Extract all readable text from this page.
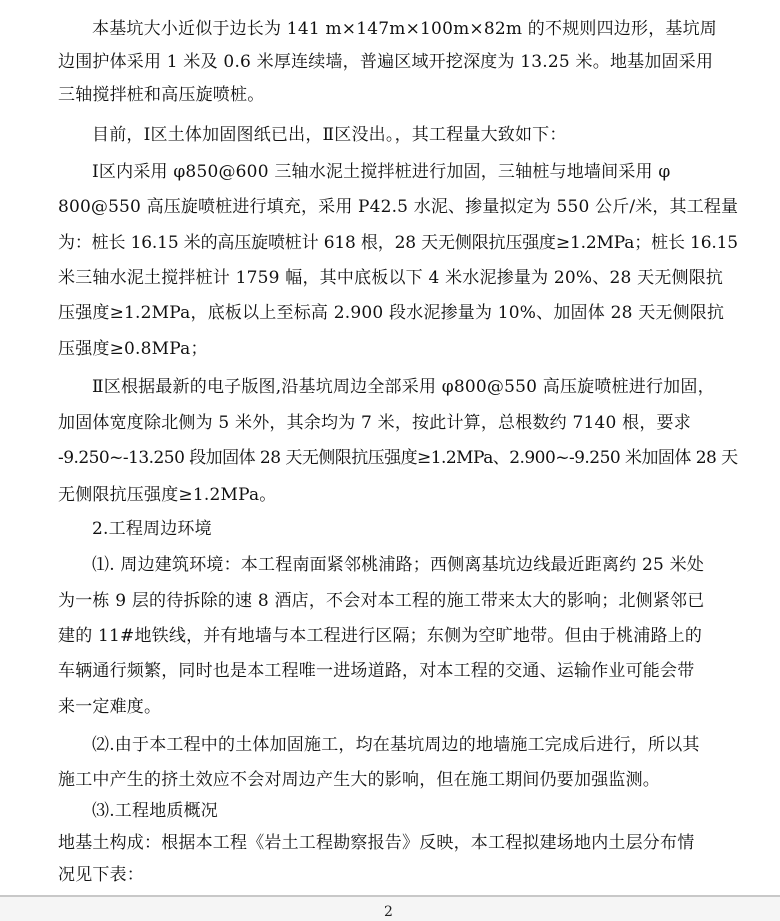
本基坑大小近似于边长为 141 m×147m×100m×82m 的不规则四边形，基坑周
边围护体采用 1 米及 0.6 米厚连续墙，普遍区域开挖深度为 13.25 米。地基加固采用
三轴搅拌桩和高压旋喷桩。
目前，Ⅰ区土体加固图纸已出，Ⅱ区没出。，其工程量大致如下：
Ⅰ区内采用 φ850@600 三轴水泥土搅拌桩进行加固，三轴桩与地墙间采用 φ
800@550 高压旋喷桩进行填充，采用 P42.5 水泥、掺量拟定为 550 公斤/米，其工程量
为：桩长 16.15 米的高压旋喷桩计 618 根，28 天无侧限抗压强度≥1.2MPa；桩长 16.15
米三轴水泥土搅拌桩计 1759 幅，其中底板以下 4 米水泥掺量为 20%、28 天无侧限抗
压强度≥1.2MPa，底板以上至标高 2.900 段水泥掺量为 10%、加固体 28 天无侧限抗
压强度≥0.8MPa；
Ⅱ区根据最新的电子版图,沿基坑周边全部采用 φ800@550 高压旋喷桩进行加固，
加固体宽度除北侧为 5 米外，其余均为 7 米，按此计算，总根数约 7140 根，要求
-9.250~-13.250 段加固体 28 天无侧限抗压强度≥1.2MPa、2.900~-9.250 米加固体 28 天
无侧限抗压强度≥1.2MPa。
2.工程周边环境
⑴. 周边建筑环境：本工程南面紧邻桃浦路；西侧离基坑边线最近距离约 25 米处
为一栋 9 层的待拆除的速 8 酒店，不会对本工程的施工带来太大的影响；北侧紧邻已
建的 11#地铁线，并有地墙与本工程进行区隔；东侧为空旷地带。但由于桃浦路上的
车辆通行频繁，同时也是本工程唯一进场道路，对本工程的交通、运输作业可能会带
来一定难度。
⑵.由于本工程中的土体加固施工，均在基坑周边的地墙施工完成后进行，所以其
施工中产生的挤土效应不会对周边产生大的影响，但在施工期间仍要加强监测。
⑶.工程地质概况
地基土构成：根据本工程《岩土工程勘察报告》反映，本工程拟建场地内土层分布情
况见下表：
2
